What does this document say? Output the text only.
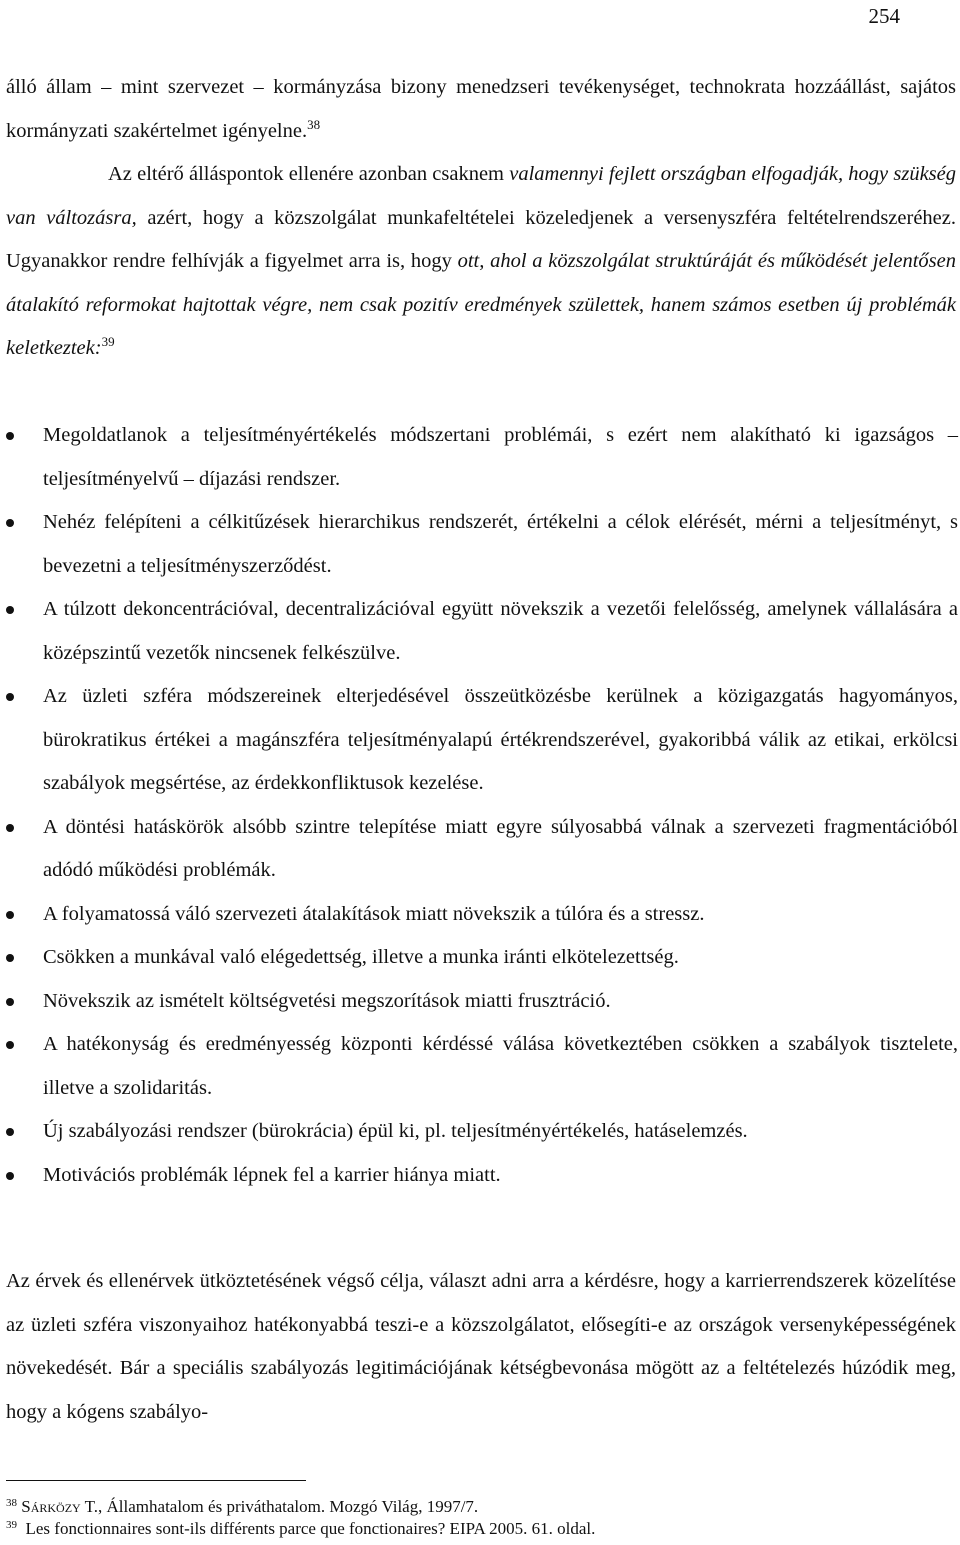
254
álló állam – mint szervezet – kormányzása bizony menedzseri tevékenységet, technokrata hozzáállást, sajátos kormányzati szakértelmet igényelne.$^{38}$
Az eltérő álláspontok ellenére azonban csaknem valamennyi fejlett országban elfogadják, hogy szükség van változásra, azért, hogy a közszolgálat munkafeltételei közeledjenek a versenyszféra feltételrendszeréhez. Ugyanakkor rendre felhívják a figyelmet arra is, hogy ott, ahol a közszolgálat struktúráját és működését jelentősen átalakító reformokat hajtottak végre, nem csak pozitív eredmények születtek, hanem számos esetben új problémák keletkeztek:$^{39}$
Megoldatlanok a teljesítményértékelés módszertani problémái, s ezért nem alakítható ki igazságos – teljesítményelvű – díjazási rendszer.
Nehéz felépíteni a célkitűzések hierarchikus rendszerét, értékelni a célok elérését, mérni a teljesítményt, s bevezetni a teljesítményszerződést.
A túlzott dekoncentrációval, decentralizációval együtt növekszik a vezetői felelősség, amelynek vállalására a középszintű vezetők nincsenek felkészülve.
Az üzleti szféra módszereinek elterjedésével összeütközésbe kerülnek a közigazgatás hagyományos, bürokratikus értékei a magánszféra teljesítményalapú értékrendszerével, gyakoribbá válik az etikai, erkölcsi szabályok megsértése, az érdekkonfliktusok kezelése.
A döntési hatáskörök alsóbb szintre telepítése miatt egyre súlyosabbá válnak a szervezeti fragmentációból adódó működési problémák.
A folyamatossá váló szervezeti átalakítások miatt növekszik a túlóra és a stressz.
Csökken a munkával való elégedettség, illetve a munka iránti elkötelezettség.
Növekszik az ismételt költségvetési megszorítások miatti frusztráció.
A hatékonyság és eredményesség központi kérdéssé válása következtében csökken a szabályok tisztelete, illetve a szolidaritás.
Új szabályozási rendszer (bürokrácia) épül ki, pl. teljesítményértékelés, hatáselemzés.
Motivációs problémák lépnek fel a karrier hiánya miatt.
Az érvek és ellenérvek ütköztetésének végső célja, választ adni arra a kérdésre, hogy a karrierrendszerek közelítése az üzleti szféra viszonyaihoz hatékonyabbá teszi-e a közszolgálatot, elősegíti-e az országok versenyképességének növekedését. Bár a speciális szabályozás legitimációjának kétségbevonása mögött az a feltételezés húzódik meg, hogy a kógens szabályo-
$^{38}$ Sárközy T., Államhatalom és priváthatalom. Mozgó Világ, 1997/7.
$^{39}$ Les fonctionnaires sont-ils différents parce que fonctionaires? EIPA 2005. 61. oldal.
